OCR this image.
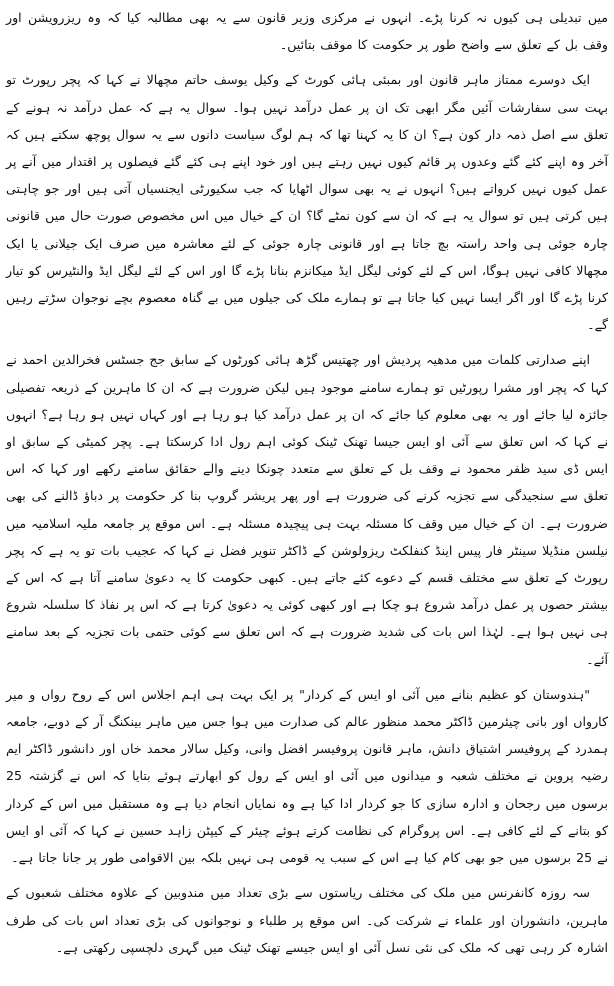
میں تبدیلی ہی کیوں نہ کرنا پڑے۔ انہوں نے مرکزی وزیر قانون سے یہ بھی مطالبہ کیا کہ وہ ریزرویشن اور وقف بل کے تعلق سے واضح طور پر حکومت کا موقف بتائیں۔

ایک دوسرے ممتاز ماہر قانون اور بمبئی ہائی کورٹ کے وکیل یوسف حاتم مچھالا نے کہا کہ پچر رپورٹ تو بہت سی سفارشات آئیں مگر ابھی تک ان پر عمل درآمد نہیں ہوا۔ سوال یہ ہے کہ عمل درآمد نہ ہونے کے تعلق سے اصل ذمہ دار کون ہے؟ ان کا یہ کہنا تھا کہ ہم لوگ سیاست دانوں سے یہ سوال پوچھ سکتے ہیں کہ آخر وہ اپنے کئے گئے وعدوں پر قائم کیوں نہیں رہتے ہیں اور خود اپنے ہی کئے گئے فیصلوں پر اقتدار میں آنے پر عمل کیوں نہیں کرواتے ہیں؟ انہوں نے یہ بھی سوال اٹھایا کہ جب سکیورٹی ایجنسیاں آتی ہیں اور جو چاہتی ہیں کرتی ہیں تو سوال یہ ہے کہ ان سے کون نمٹے گا؟ ان کے خیال میں اس مخصوص صورت حال میں قانونی چارہ جوئی ہی واحد راستہ بچ جاتا ہے اور قانونی چارہ جوئی کے لئے معاشرہ میں صرف ایک جیلانی یا ایک مچھالا کافی نہیں ہوگا، اس کے لئے کوئی لیگل ایڈ میکانزم بنانا پڑے گا اور اس کے لئے لیگل ایڈ والنٹیرس کو تیار کرنا پڑے گا اور اگر ایسا نہیں کیا جاتا ہے تو ہمارے ملک کی جیلوں میں بے گناہ معصوم بچے نوجوان سڑتے رہیں گے۔

اپنے صدارتی کلمات میں مدھیہ پردیش اور چھتیس گڑھ ہائی کورٹوں کے سابق جج جسٹس فخرالدین احمد نے کہا کہ پچر اور مشرا رپورٹیں تو ہمارے سامنے موجود ہیں لیکن ضرورت ہے کہ ان کا ماہرین کے ذریعہ تفصیلی جائزہ لیا جائے اور یہ بھی معلوم کیا جائے کہ ان پر عمل درآمد کیا ہو رہا ہے اور کہاں نہیں ہو رہا ہے؟ انہوں نے کہا کہ اس تعلق سے آئی او ایس جیسا تھنک ٹینک کوئی اہم رول ادا کرسکتا ہے۔ پچر کمیٹی کے سابق او ایس ڈی سید ظفر محمود نے وقف بل کے تعلق سے متعدد چونکا دینے والے حقائق سامنے رکھے اور کہا کہ اس تعلق سے سنجیدگی سے تجزیہ کرنے کی ضرورت ہے اور پھر پریشر گروپ بنا کر حکومت پر دباؤ ڈالنے کی بھی ضرورت ہے۔ ان کے خیال میں وقف کا مسئلہ بہت ہی پیچیدہ مسئلہ ہے۔ اس موقع پر جامعہ ملیہ اسلامیہ میں نیلسن منڈیلا سینٹر فار پیس اینڈ کنفلکٹ ریزولوشن کے ڈاکٹر تنویر فضل نے کہا کہ عجیب بات تو یہ ہے کہ پچر رپورٹ کے تعلق سے مختلف قسم کے دعوے کئے جاتے ہیں۔ کبھی حکومت کا یہ دعویٰ سامنے آتا ہے کہ اس کے بیشتر حصوں پر عمل درآمد شروع ہو چکا ہے اور کبھی کوئی یہ دعویٰ کرتا ہے کہ اس پر نفاذ کا سلسلہ شروع ہی نہیں ہوا ہے۔ لہٰذا اس بات کی شدید ضرورت ہے کہ اس تعلق سے کوئی حتمی بات تجزیہ کے بعد سامنے آئے۔

"ہندوستان کو عظیم بنانے میں آئی او ایس کے کردار" پر ایک بہت ہی اہم اجلاس اس کے روح رواں و میر کارواں اور بانی چیئرمین ڈاکٹر محمد منظور عالم کی صدارت میں ہوا جس میں ماہر بینکنگ آر کے دوبے، جامعہ ہمدرد کے پروفیسر اشتیاق دانش، ماہر قانون پروفیسر افضل وانی، وکیل سالار محمد خاں اور دانشور ڈاکٹر ایم رضیہ پروین نے مختلف شعبہ و میدانوں میں آئی او ایس کے رول کو ابھارتے ہوئے بتایا کہ اس نے گزشتہ 25 برسوں میں رجحان و ادارہ سازی کا جو کردار ادا کیا ہے وہ نمایاں انجام دیا ہے وہ مستقبل میں اس کے کردار کو بتانے کے لئے کافی ہے۔ اس پروگرام کی نظامت کرتے ہوئے چیئر کے کیپٹن زاہد حسین نے کہا کہ آئی او ایس نے 25 برسوں میں جو بھی کام کیا ہے اس کے سبب یہ قومی ہی نہیں بلکہ بین الاقوامی طور پر جانا جاتا ہے۔

سہ روزہ کانفرنس میں ملک کی مختلف ریاستوں سے بڑی تعداد میں مندوبین کے علاوہ مختلف شعبوں کے ماہرین، دانشوران اور علماء نے شرکت کی۔ اس موقع پر طلباء و نوجوانوں کی بڑی تعداد اس بات کی طرف اشارہ کر رہی تھی کہ ملک کی نئی نسل آئی او ایس جیسے تھنک ٹینک میں گہری دلچسپی رکھتی ہے۔
